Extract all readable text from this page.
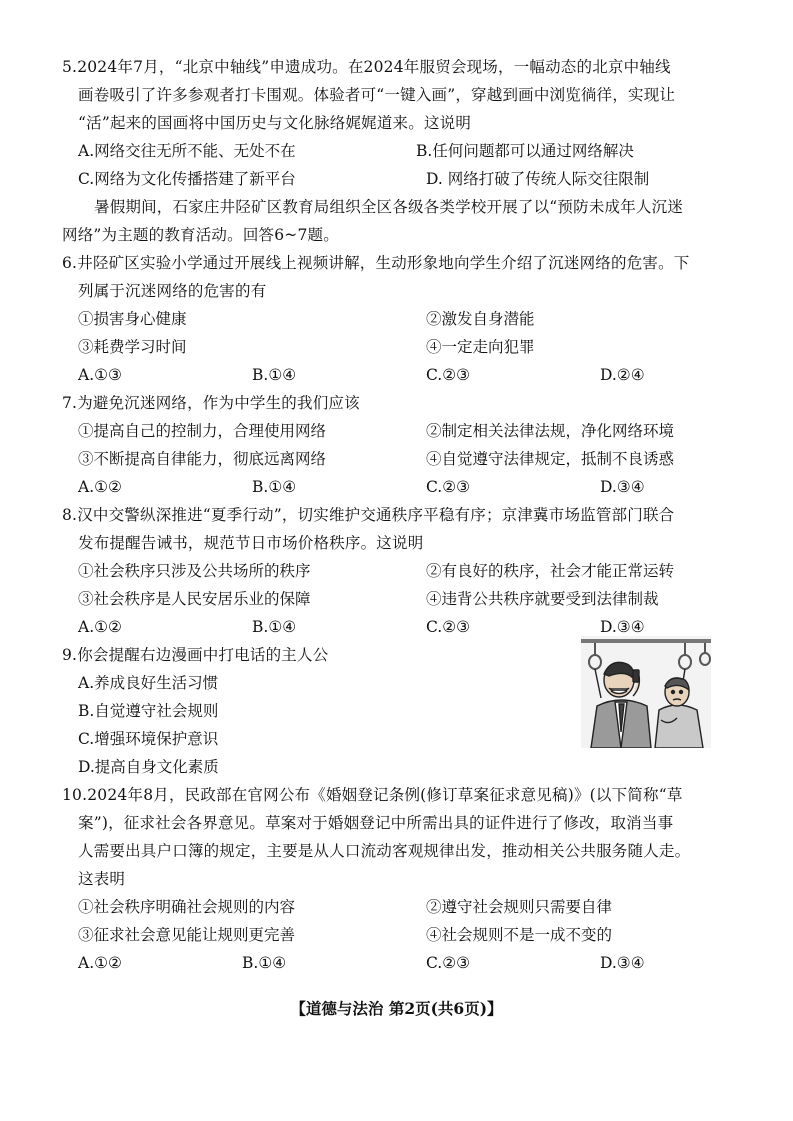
5.2024年7月，“北京中轴线”申遗成功。在2024年服贸会现场，一幅动态的北京中轴线
画卷吸引了许多参观者打卡围观。体验者可“一键入画”，穿越到画中浏览徜徉，实现让
“活”起来的国画将中国历史与文化脉络娓娓道来。这说明
A.网络交往无所不能、无处不在	B.任何问题都可以通过网络解决
C.网络为文化传播搭建了新平台	D. 网络打破了传统人际交往限制
暑假期间，石家庄井陉矿区教育局组织全区各级各类学校开展了以“预防未成年人沉迷
网络”为主题的教育活动。回答6~7题。
6.井陉矿区实验小学通过开展线上视频讲解，生动形象地向学生介绍了沉迷网络的危害。下
列属于沉迷网络的危害的有
①损害身心健康	②激发自身潜能
③耗费学习时间	④一定走向犯罪
A.①③	B.①④	C.②③	D.②④
7.为避免沉迷网络，作为中学生的我们应该
①提高自己的控制力，合理使用网络	②制定相关法律法规，净化网络环境
③不断提高自律能力，彻底远离网络	④自觉遵守法律规定，抵制不良诱惑
A.①②	B.①④	C.②③	D.③④
8.汉中交警纵深推进“夏季行动”，切实维护交通秩序平稳有序；京津冀市场监管部门联合
发布提醒告诫书，规范节日市场价格秩序。这说明
①社会秩序只涉及公共场所的秩序	②有良好的秩序，社会才能正常运转
③社会秩序是人民安居乐业的保障	④违背公共秩序就要受到法律制裁
A.①②	B.①④	C.②③	D.③④
9.你会提醒右边漫画中打电话的主人公
A.养成良好生活习惯
B.自觉遵守社会规则
C.增强环境保护意识
D.提高自身文化素质
10.2024年8月，民政部在官网公布《婚姻登记条例(修订草案征求意见稿)》(以下简称“草
案”)，征求社会各界意见。草案对于婚姻登记中所需出具的证件进行了修改，取消当事
人需要出具户口簿的规定，主要是从人口流动客观规律出发，推动相关公共服务随人走。
这表明
①社会秩序明确社会规则的内容	②遵守社会规则只需要自律
③征求社会意见能让规则更完善	④社会规则不是一成不变的
A.①②	B.①④	C.②③	D.③④
【道德与法治 第2页(共6页)】
